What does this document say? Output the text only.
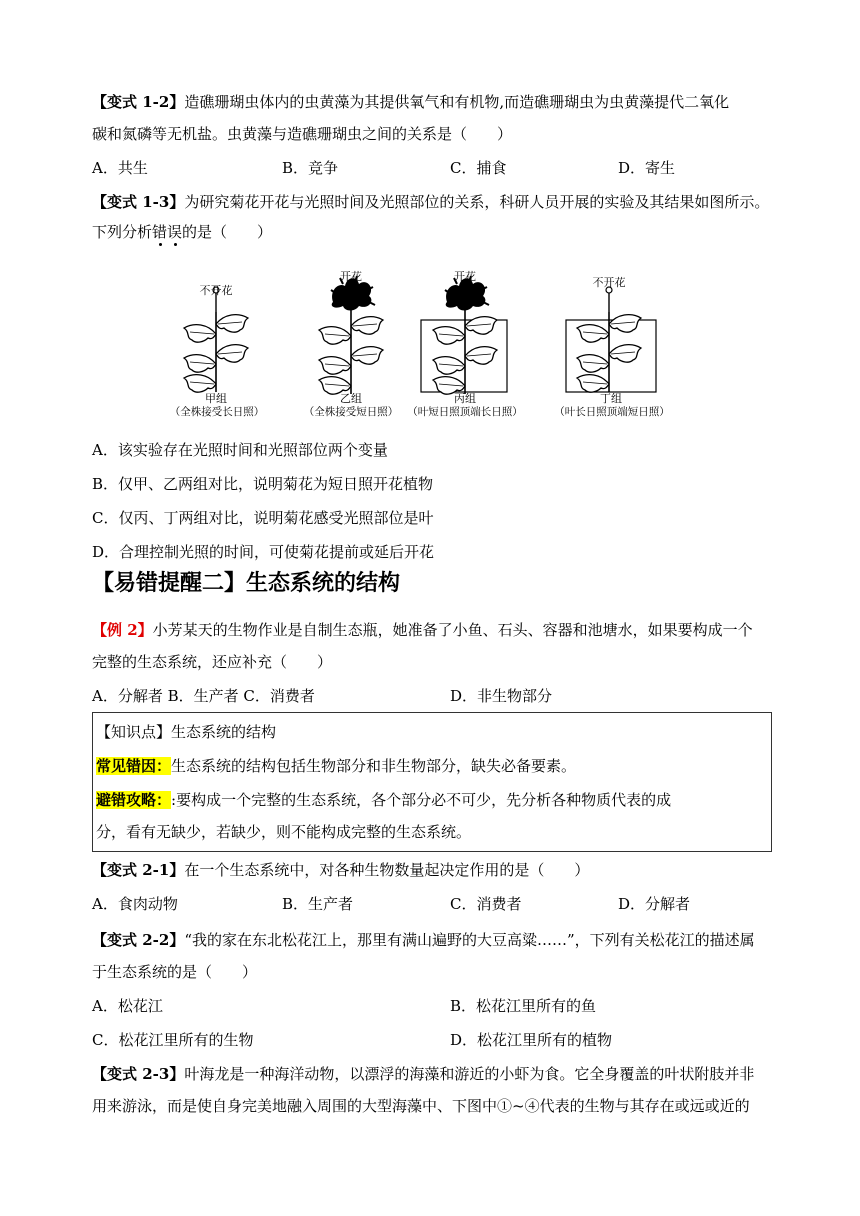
【变式 1-2】造礁珊瑚虫体内的虫黄藻为其提供氧气和有机物,而造礁珊瑚虫为虫黄藻提代二氧化
碳和氮磷等无机盐。虫黄藻与造礁珊瑚虫之间的关系是（　　）
A．共生	B．竞争	C．捕食	D．寄生
【变式 1-3】为研究菊花开花与光照时间及光照部位的关系，科研人员开展的实验及其结果如图所示。
下列分析错误的是（　　）
不开花
开花	开花	不开花
甲组	乙组	丙组	丁组
（全株接受长日照）	（全株接受短日照） （叶短日照顶端长日照）	（叶长日照顶端短日照）
A．该实验存在光照时间和光照部位两个变量
B．仅甲、乙两组对比，说明菊花为短日照开花植物
C．仅丙、丁两组对比，说明菊花感受光照部位是叶
D．合理控制光照的时间，可使菊花提前或延后开花
【易错提醒二】生态系统的结构
【例 2】小芳某天的生物作业是自制生态瓶，她准备了小鱼、石头、容器和池塘水，如果要构成一个
完整的生态系统，还应补充（　　）
A．分解者 B．生产者 C．消费者	D．非生物部分
【知识点】生态系统的结构
常见错因：生态系统的结构包括生物部分和非生物部分，缺失必备要素。
避错攻略：:要构成一个完整的生态系统，各个部分必不可少，先分析各种物质代表的成
分，看有无缺少，若缺少，则不能构成完整的生态系统。
【变式 2-1】在一个生态系统中，对各种生物数量起决定作用的是（　　）
A．食肉动物	B．生产者	C．消费者	D．分解者
【变式 2-2】“我的家在东北松花江上，那里有满山遍野的大豆高粱……”，下列有关松花江的描述属
于生态系统的是（　　）
A．松花江	B．松花江里所有的鱼
C．松花江里所有的生物	D．松花江里所有的植物
【变式 2-3】叶海龙是一种海洋动物，以漂浮的海藻和游近的小虾为食。它全身覆盖的叶状附肢并非
用来游泳，而是使自身完美地融入周围的大型海藻中、下图中①~④代表的生物与其存在或远或近的
